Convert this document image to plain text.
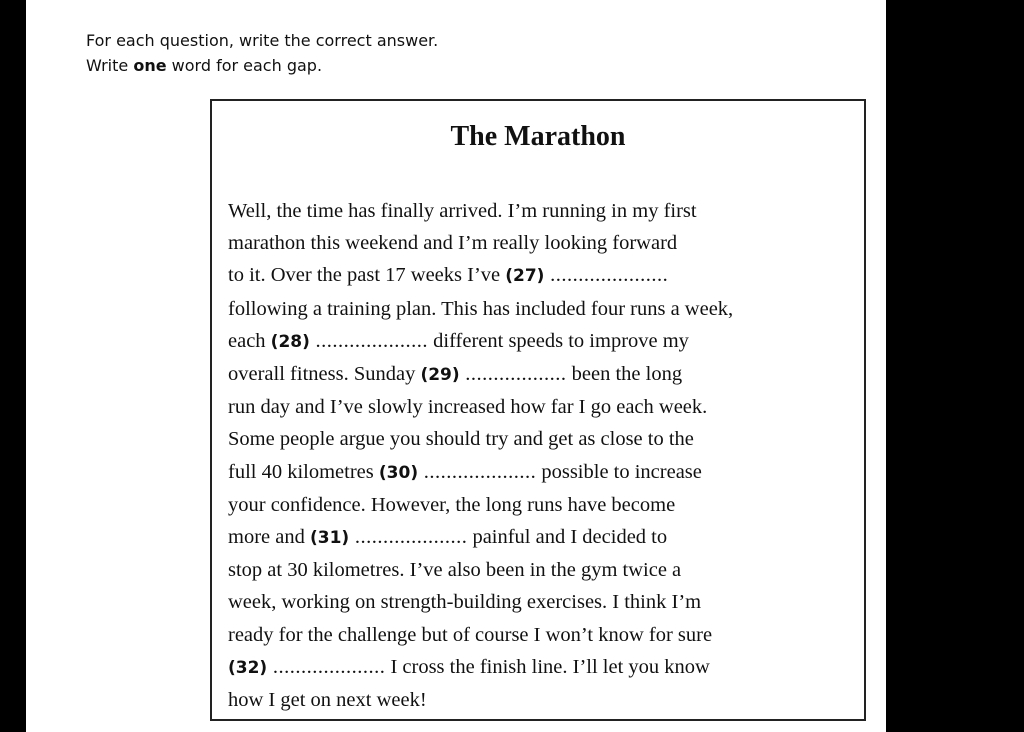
For each question, write the correct answer.
Write one word for each gap.
The Marathon
Well, the time has finally arrived. I’m running in my first
marathon this weekend and I’m really looking forward
to it. Over the past 17 weeks I’ve (27) .....................
following a training plan. This has included four runs a week,
each (28) .................... different speeds to improve my
overall fitness. Sunday (29) .................. been the long
run day and I’ve slowly increased how far I go each week.
Some people argue you should try and get as close to the
full 40 kilometres (30) .................... possible to increase
your confidence. However, the long runs have become
more and (31) .................... painful and I decided to
stop at 30 kilometres. I’ve also been in the gym twice a
week, working on strength-building exercises. I think I’m
ready for the challenge but of course I won’t know for sure
(32) .................... I cross the finish line. I’ll let you know
how I get on next week!
